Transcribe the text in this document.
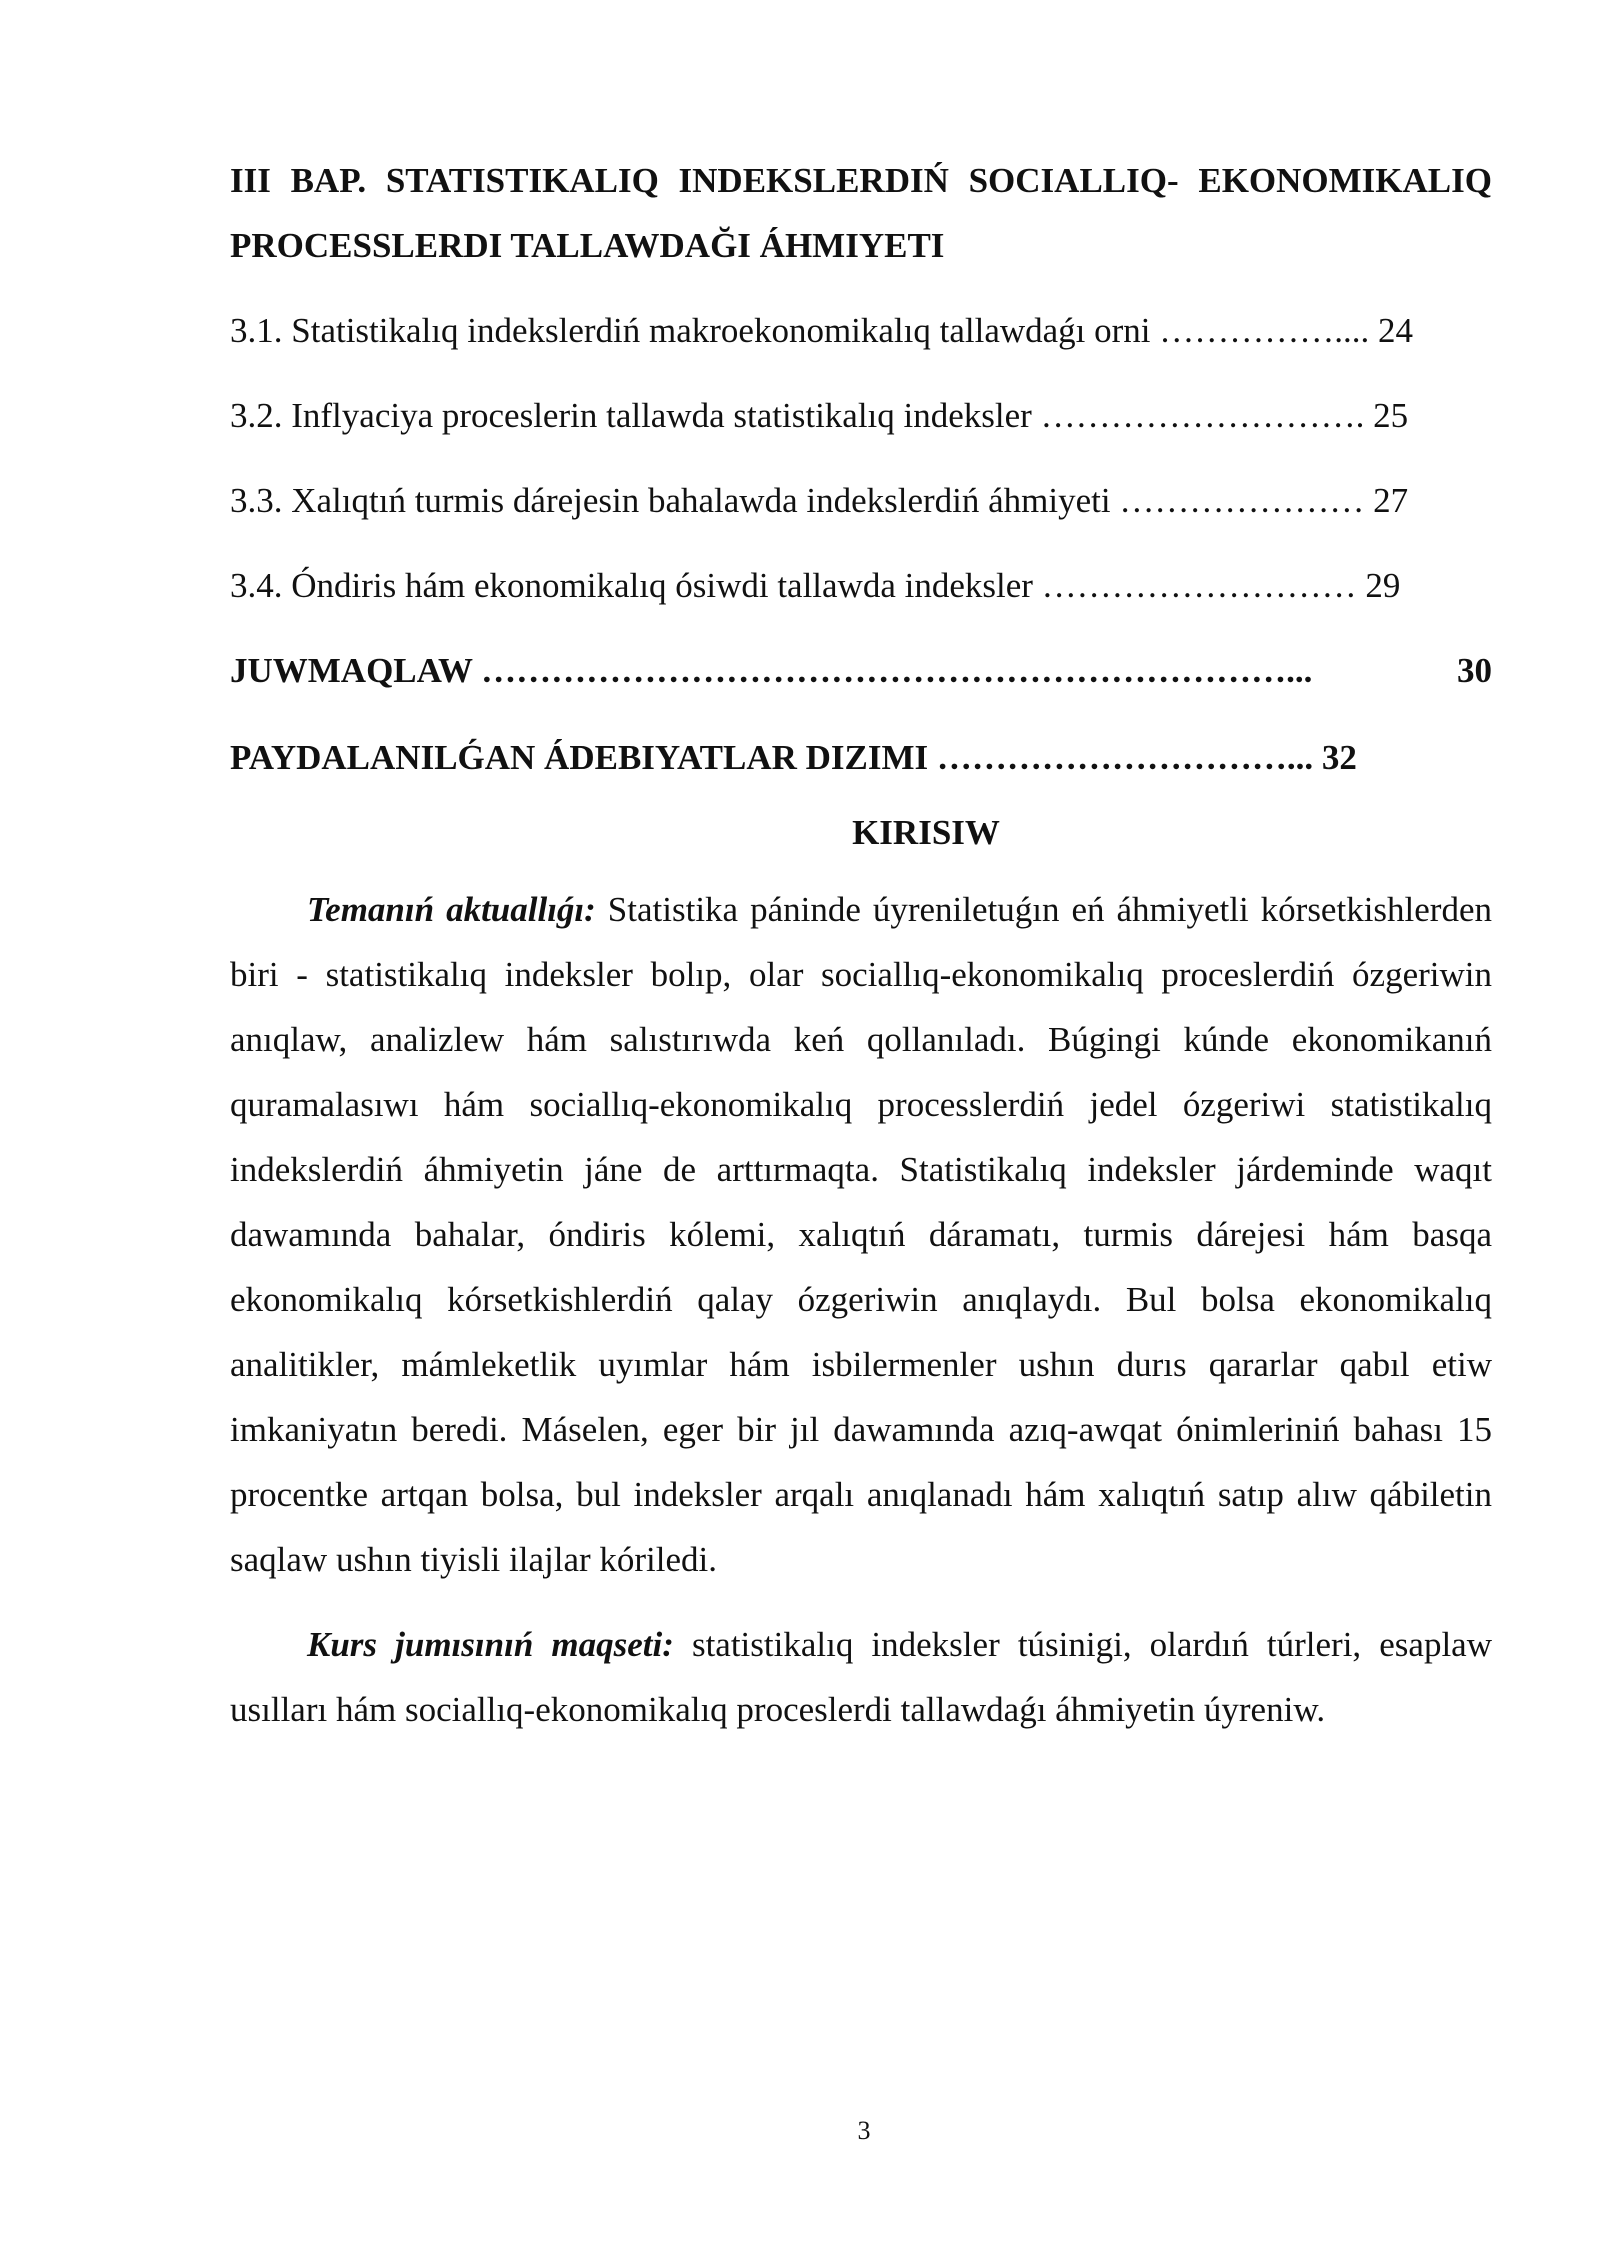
III BAP. STATISTIKALIQ INDEKSLERDIŃ SOCIALLIQ- EKONOMIKALIQ PROCESSLERDI TALLAWDAĞI ÁHMIYETI
3.1. Statistikalıq indekslerdiń makroekonomikalıq tallawdaǵı orni …………….... 24
3.2. Inflyaciya proceslerin tallawda statistikalıq indeksler ………………………. 25
3.3. Xalıqtıń turmis dárejesin bahalawda indekslerdiń áhmiyeti ………………… 27
3.4. Óndiris hám ekonomikalıq ósiwdi tallawda indeksler ……………………… 29
JUWMAQLAW ……………………………………………………………...	30
PAYDALANILǴAN ÁDEBIYATLAR DIZIMI …………………………... 32
KIRISIW

Temanıń aktuallıǵı: Statistika páninde úyreniletuǵın eń áhmiyetli kórsetkishlerden biri - statistikalıq indeksler bolıp, olar sociallıq-ekonomikalıq proceslerdiń ózgeriwin anıqlaw, analizlew hám salıstırıwda keń qollanıladı. Búgingi kúnde ekonomikanıń quramalasıwı hám sociallıq-ekonomikalıq processlerdiń jedel ózgeriwi statistikalıq indekslerdiń áhmiyetin jáne de arttırmaqta. Statistikalıq indeksler járdeminde waqıt dawamında bahalar, óndiris kólemi, xalıqtıń dáramatı, turmis dárejesi hám basqa ekonomikalıq kórsetkishlerdiń qalay ózgeriwin anıqlaydı. Bul bolsa ekonomikalıq analitikler, mámleketlik uyımlar hám isbilermenler ushın durıs qararlar qabıl etiw imkaniyatın beredi. Máselen, eger bir jıl dawamında azıq-awqat ónimleriniń bahası 15 procentke artqan bolsa, bul indeksler arqalı anıqlanadı hám xalıqtıń satıp alıw qábiletin saqlaw ushın tiyisli ilajlar kóriledi.

Kurs jumısınıń maqseti: statistikalıq indeksler túsinigi, olardıń túrleri, esaplaw usılları hám sociallıq-ekonomikalıq proceslerdi tallawdaǵı áhmiyetin úyreniw.

3
